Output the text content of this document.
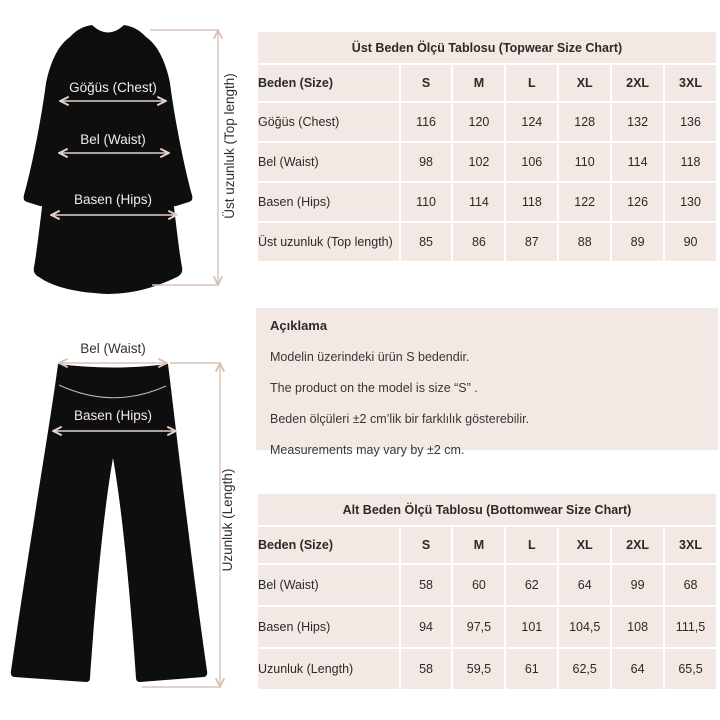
Göğüs (Chest)
Bel (Waist)
Basen (Hips)	Üst uzunluk (Top length)
Bel (Waist)
Basen (Hips)
Uzunluk (Length)
Üst Beden Ölçü Tablosu (Topwear Size Chart)						
Beden (Size)	S	M	L	XL	2XL	3XL
Göğüs (Chest)	116	120	124	128	132	136
Bel (Waist)	98	102	106	110	114	118
Basen (Hips)	110	114	118	122	126	130
Üst uzunluk (Top length)	85	86	87	88	89	90
Açıklama

Modelin üzerindeki ürün S bedendir.

The product on the model is size “S” .

Beden ölçüleri ±2 cm’lik bir farklılık gösterebilir.

Measurements may vary by ±2 cm.

Alt Beden Ölçü Tablosu (Bottomwear Size Chart)						
Beden (Size)	S	M	L	XL	2XL	3XL
Bel (Waist)	58	60	62	64	99	68
Basen (Hips)	94	97,5	101	104,5	108	111,5
Uzunluk (Length)	58	59,5	61	62,5	64	65,5
